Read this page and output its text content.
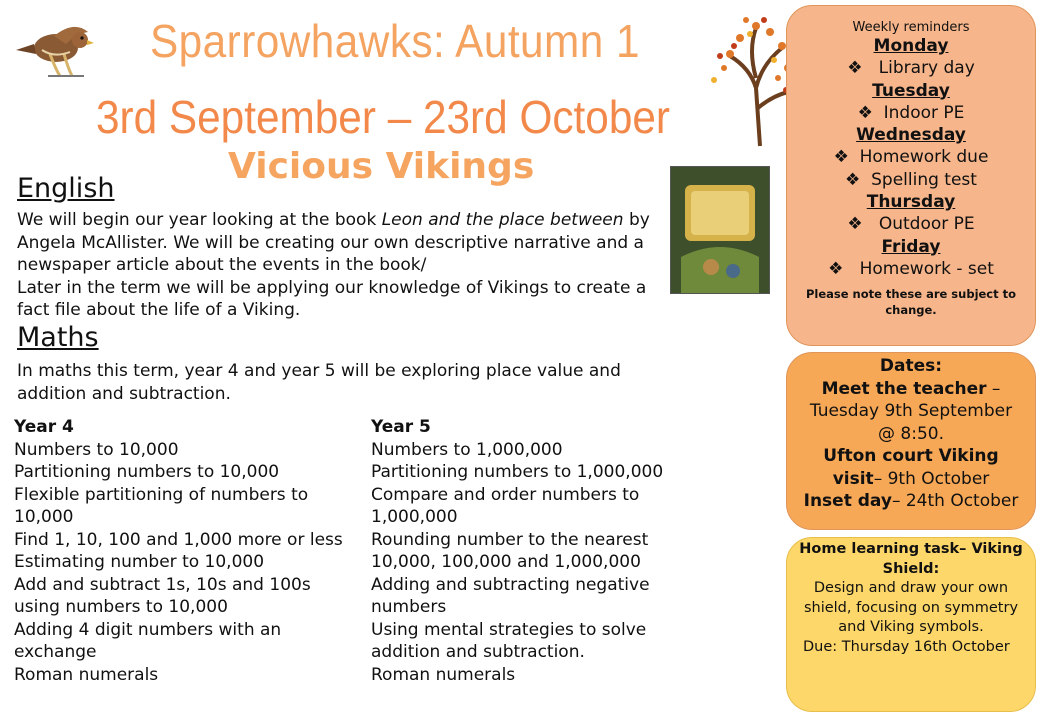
Sparrowhawks: Autumn 1
3rd September – 23rd October
Vicious Vikings
English
We will begin our year looking at the book Leon and the place between by Angela McAllister. We will be creating our own descriptive narrative and a newspaper article about the events in the book/
Later in the term we will be applying our knowledge of Vikings to create a fact file about the life of a Viking.
Maths
In maths this term, year 4 and year 5 will be exploring place value and addition and subtraction.
Year 4
Numbers to 10,000
Partitioning numbers to 10,000
Flexible partitioning of numbers to 10,000
Find 1, 10, 100 and 1,000 more or less
Estimating number to 10,000
Add and subtract 1s, 10s and 100s using numbers to 10,000
Adding 4 digit numbers with an exchange
Roman numerals
Year 5
Numbers to 1,000,000
Partitioning numbers to 1,000,000
Compare and order numbers to 1,000,000
Rounding number to the nearest 10,000, 100,000 and 1,000,000
Adding and subtracting negative numbers
Using mental strategies to solve addition and subtraction.
Roman numerals
Weekly reminders
Monday
❖ Library day
Tuesday
❖ Indoor PE
Wednesday
❖ Homework due
❖ Spelling test
Thursday
❖ Outdoor PE
Friday
❖ Homework - set
Please note these are subject to change.
Dates:
Meet the teacher – Tuesday 9th September @ 8:50.
Ufton court Viking visit– 9th October
Inset day– 24th October
Home learning task– Viking Shield:
Design and draw your own shield, focusing on symmetry and Viking symbols.
Due: Thursday 16th October
